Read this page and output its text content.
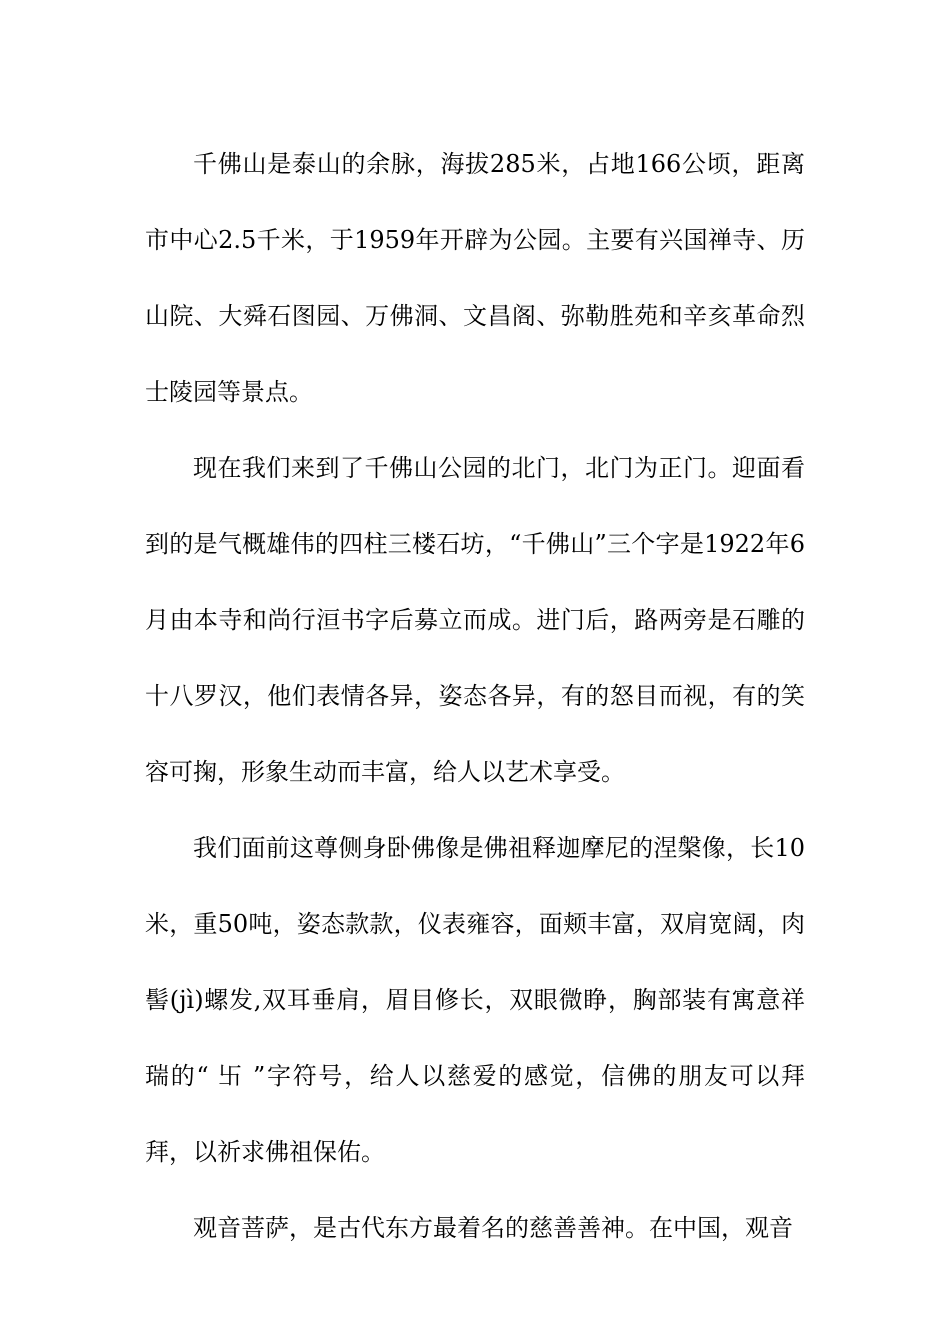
千佛山是泰山的余脉，海拔285米，占地166公顷，距离市中心2.5千米，于1959年开辟为公园。主要有兴国禅寺、历山院、大舜石图园、万佛洞、文昌阁、弥勒胜苑和辛亥革命烈士陵园等景点。

现在我们来到了千佛山公园的北门，北门为正门。迎面看到的是气概雄伟的四柱三楼石坊，“千佛山”三个字是1922年6月由本寺和尚行洹书字后募立而成。进门后，路两旁是石雕的十八罗汉，他们表情各异，姿态各异，有的怒目而视，有的笑容可掬，形象生动而丰富，给人以艺术享受。

我们面前这尊侧身卧佛像是佛祖释迦摩尼的涅槃像，长10米，重50吨，姿态款款，仪表雍容，面颊丰富，双肩宽阔，肉髻(jì)螺发,双耳垂肩，眉目修长，双眼微睁，胸部装有寓意祥瑞的“ 卐 ”字符号，给人以慈爱的感觉，信佛的朋友可以拜拜，以祈求佛祖保佑。

观音菩萨，是古代东方最着名的慈善善神。在中国，观音
